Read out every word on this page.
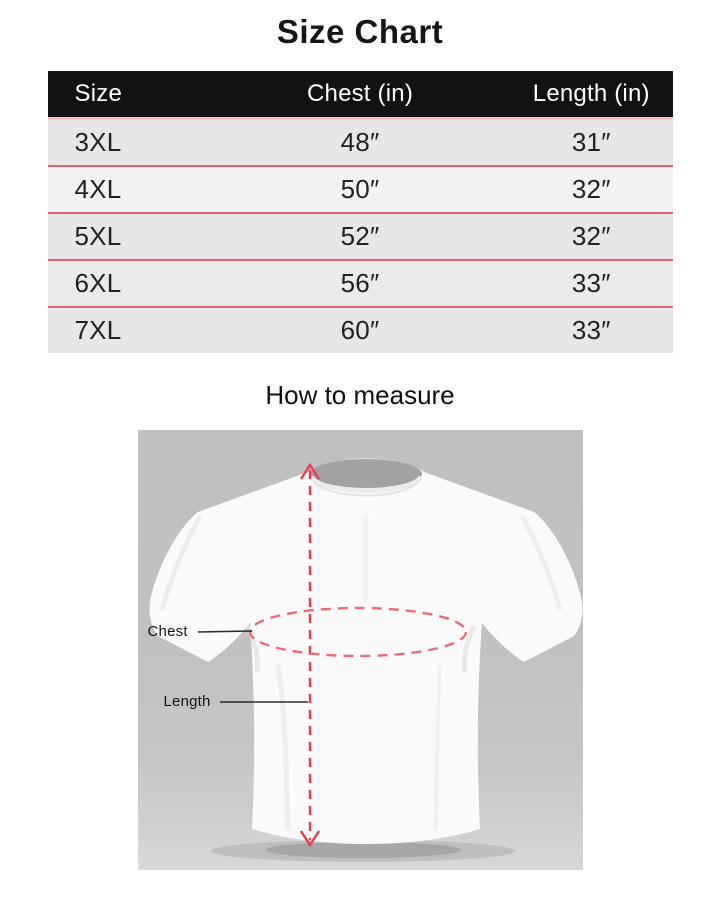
Size Chart
Size	Chest (in)	Length (in)
3XL	48″	31″
4XL	50″	32″
5XL	52″	32″
6XL	56″	33″
7XL	60″	33″
How to measure
Chest
Length
